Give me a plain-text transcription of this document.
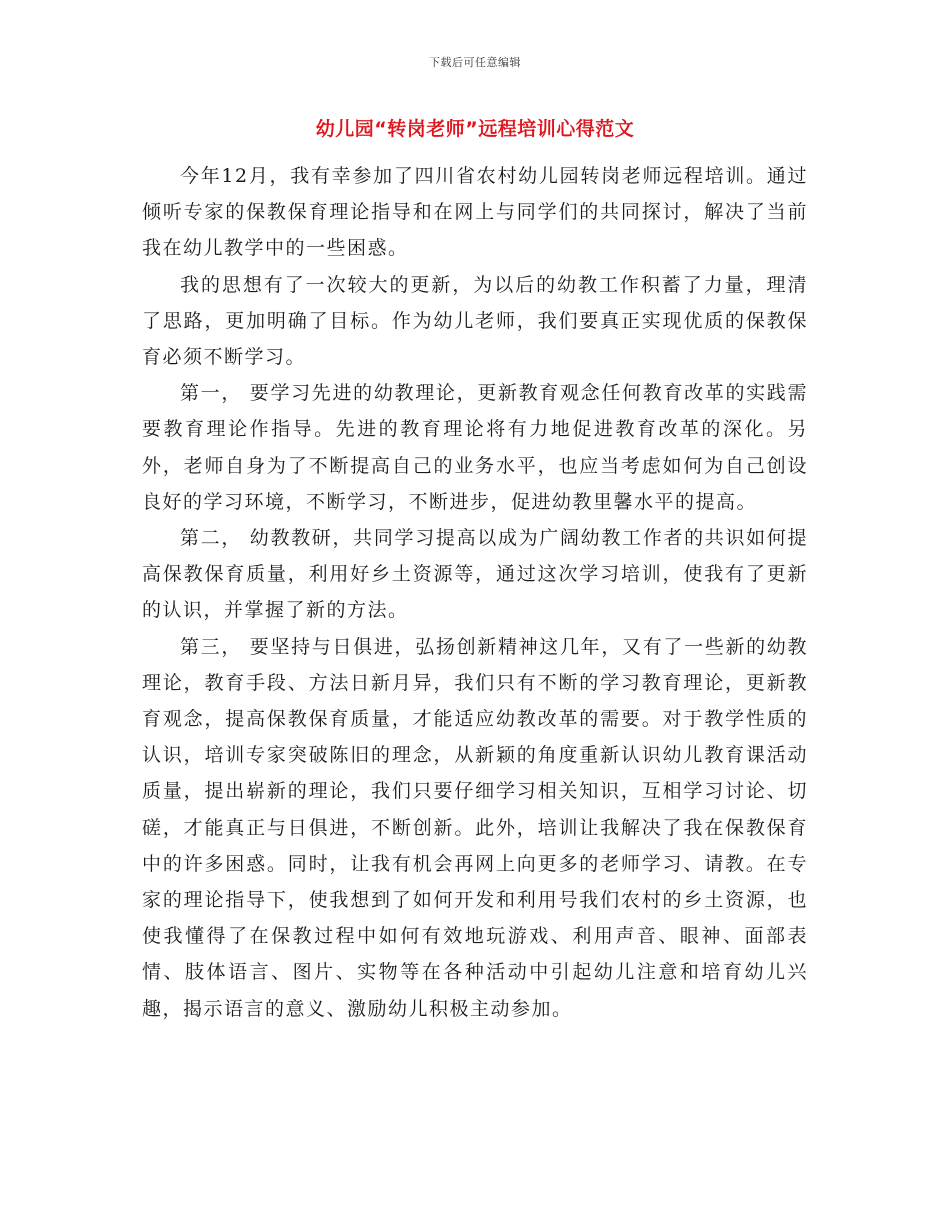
下载后可任意编辑
幼儿园“转岗老师”远程培训心得范文

今年12月，我有幸参加了四川省农村幼儿园转岗老师远程培训。通过倾听专家的保教保育理论指导和在网上与同学们的共同探讨，解决了当前我在幼儿教学中的一些困惑。

我的思想有了一次较大的更新，为以后的幼教工作积蓄了力量，理清了思路，更加明确了目标。作为幼儿老师，我们要真正实现优质的保教保育必须不断学习。

第一， 要学习先进的幼教理论，更新教育观念任何教育改革的实践需要教育理论作指导。先进的教育理论将有力地促进教育改革的深化。另外，老师自身为了不断提高自己的业务水平，也应当考虑如何为自己创设良好的学习环境，不断学习，不断进步，促进幼教里馨水平的提高。

第二， 幼教教研，共同学习提高以成为广阔幼教工作者的共识如何提高保教保育质量，利用好乡土资源等，通过这次学习培训，使我有了更新的认识，并掌握了新的方法。

第三， 要坚持与日俱进，弘扬创新精神这几年，又有了一些新的幼教理论，教育手段、方法日新月异，我们只有不断的学习教育理论，更新教育观念，提高保教保育质量，才能适应幼教改革的需要。对于教学性质的认识，培训专家突破陈旧的理念，从新颖的角度重新认识幼儿教育课活动质量，提出崭新的理论，我们只要仔细学习相关知识，互相学习讨论、切磋，才能真正与日俱进，不断创新。此外，培训让我解决了我在保教保育中的许多困惑。同时，让我有机会再网上向更多的老师学习、请教。在专家的理论指导下，使我想到了如何开发和利用号我们农村的乡土资源，也使我懂得了在保教过程中如何有效地玩游戏、利用声音、眼神、面部表情、肢体语言、图片、实物等在各种活动中引起幼儿注意和培育幼儿兴趣，揭示语言的意义、激励幼儿积极主动参加。
